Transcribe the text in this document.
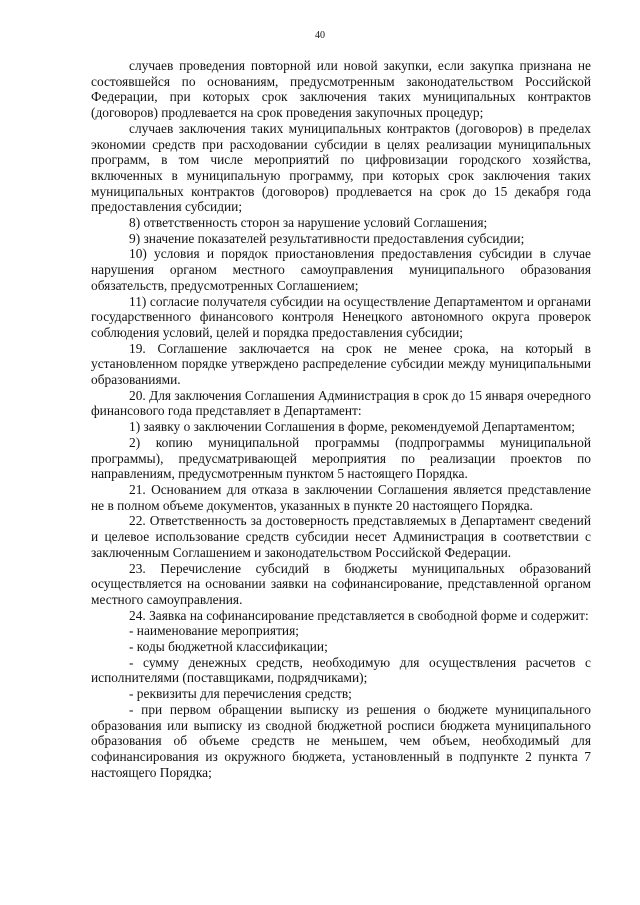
40

случаев проведения повторной или новой закупки, если закупка признана не состоявшейся по основаниям, предусмотренным законодательством Российской Федерации, при которых срок заключения таких муниципальных контрактов (договоров) продлевается на срок проведения закупочных процедур;

случаев заключения таких муниципальных контрактов (договоров) в пределах экономии средств при расходовании субсидии в целях реализации муниципальных программ, в том числе мероприятий по цифровизации городского хозяйства, включенных в муниципальную программу, при которых срок заключения таких муниципальных контрактов (договоров) продлевается на срок до 15 декабря года предоставления субсидии;

8) ответственность сторон за нарушение условий Соглашения;

9) значение показателей результативности предоставления субсидии;

10) условия и порядок приостановления предоставления субсидии в случае нарушения органом местного самоуправления муниципального образования обязательств, предусмотренных Соглашением;

11) согласие получателя субсидии на осуществление Департаментом и органами государственного финансового контроля Ненецкого автономного округа проверок соблюдения условий, целей и порядка предоставления субсидии;

19. Соглашение заключается на срок не менее срока, на который в установленном порядке утверждено распределение субсидии между муниципальными образованиями.

20. Для заключения Соглашения Администрация в срок до 15 января очередного финансового года представляет в Департамент:

1) заявку о заключении Соглашения в форме, рекомендуемой Департаментом;

2) копию муниципальной программы (подпрограммы муниципальной программы), предусматривающей мероприятия по реализации проектов по направлениям, предусмотренным пунктом 5 настоящего Порядка.

21. Основанием для отказа в заключении Соглашения является представление не в полном объеме документов, указанных в пункте 20 настоящего Порядка.

22. Ответственность за достоверность представляемых в Департамент сведений и целевое использование средств субсидии несет Администрация в соответствии с заключенным Соглашением и законодательством Российской Федерации.

23. Перечисление субсидий в бюджеты муниципальных образований осуществляется на основании заявки на софинансирование, представленной органом местного самоуправления.

24. Заявка на софинансирование представляется в свободной форме и содержит:

- наименование мероприятия;

- коды бюджетной классификации;

- сумму денежных средств, необходимую для осуществления расчетов с исполнителями (поставщиками, подрядчиками);

- реквизиты для перечисления средств;

- при первом обращении выписку из решения о бюджете муниципального образования или выписку из сводной бюджетной росписи бюджета муниципального образования об объеме средств не меньшем, чем объем, необходимый для софинансирования из окружного бюджета, установленный в подпункте 2 пункта 7 настоящего Порядка;
